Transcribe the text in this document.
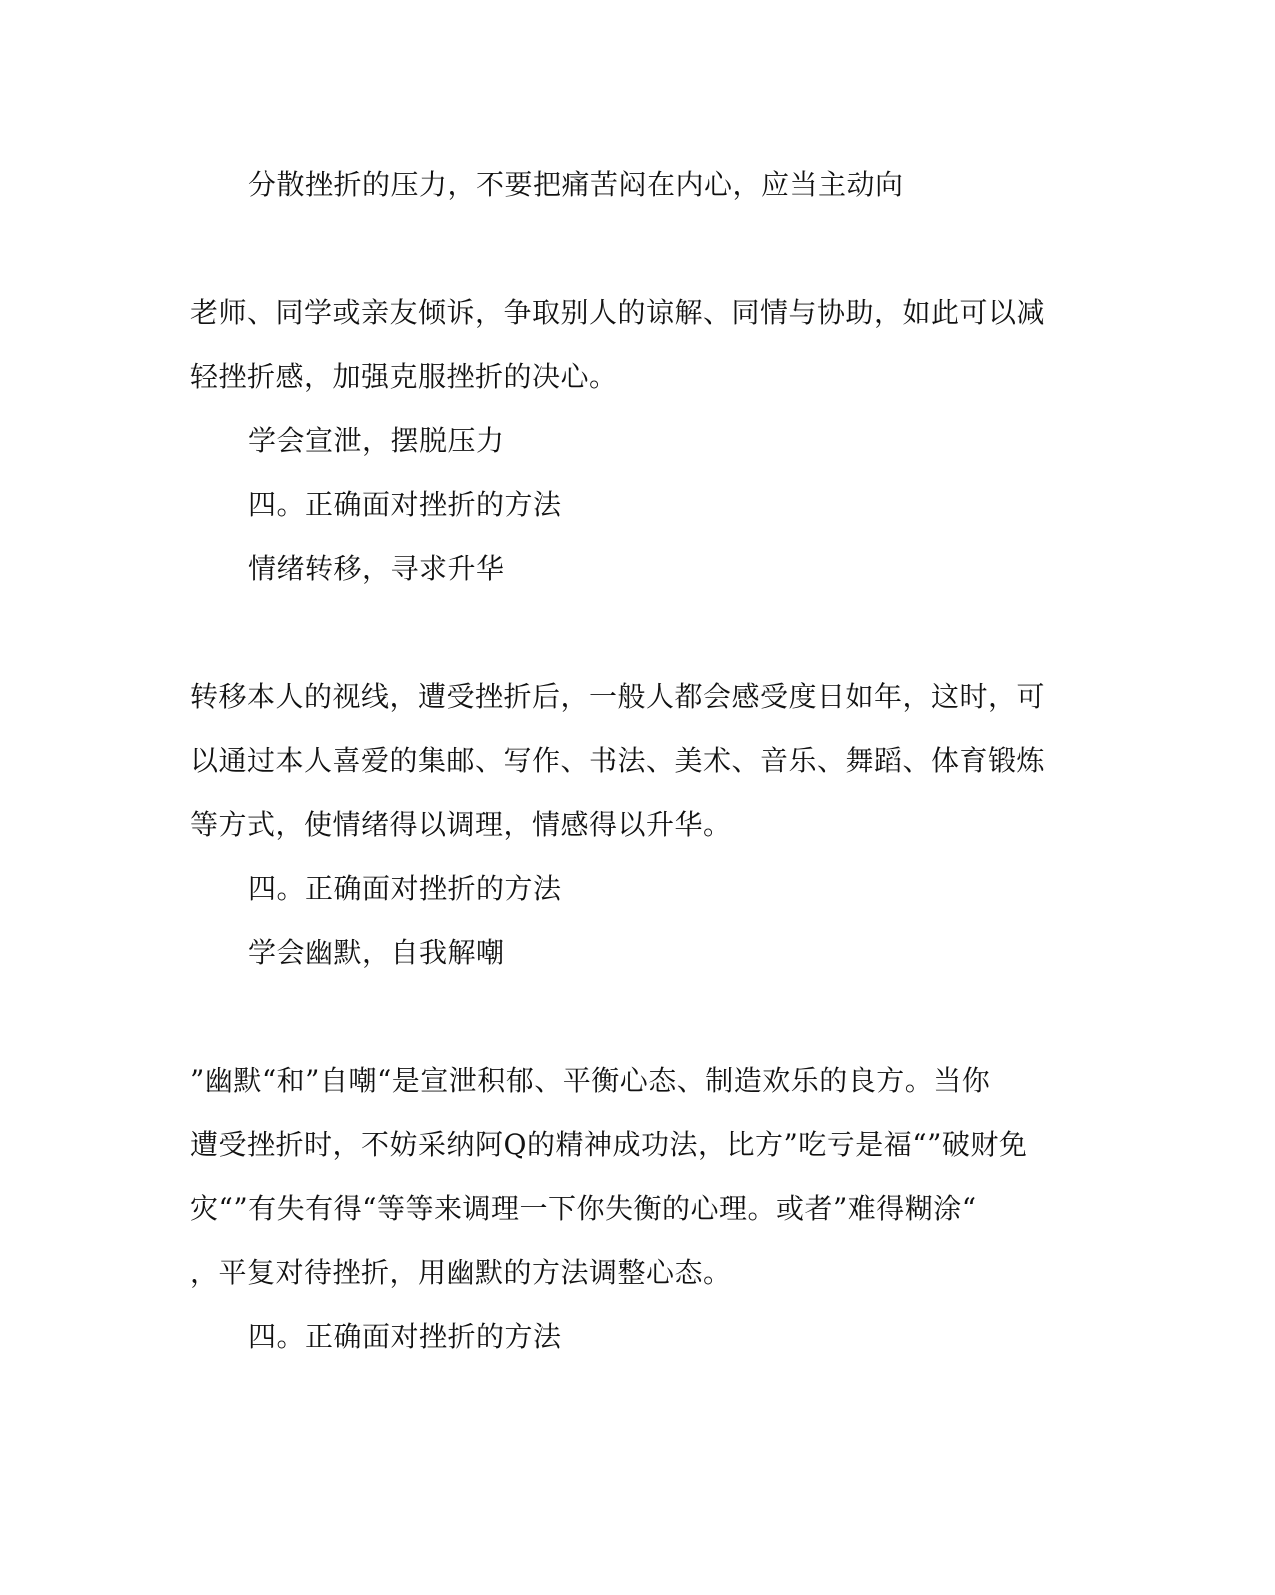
分散挫折的压力，不要把痛苦闷在内心，应当主动向

老师、同学或亲友倾诉，争取别人的谅解、同情与协助，如此可以减

轻挫折感，加强克服挫折的决心。

学会宣泄，摆脱压力

四。正确面对挫折的方法

情绪转移，寻求升华

转移本人的视线，遭受挫折后，一般人都会感受度日如年，这时，可

以通过本人喜爱的集邮、写作、书法、美术、音乐、舞蹈、体育锻炼

等方式，使情绪得以调理，情感得以升华。

四。正确面对挫折的方法

学会幽默，自我解嘲

”幽默“和”自嘲“是宣泄积郁、平衡心态、制造欢乐的良方。当你

遭受挫折时，不妨采纳阿Q的精神成功法，比方”吃亏是福“”破财免

灾“”有失有得“等等来调理一下你失衡的心理。或者”难得糊涂“

，平复对待挫折，用幽默的方法调整心态。

四。正确面对挫折的方法
